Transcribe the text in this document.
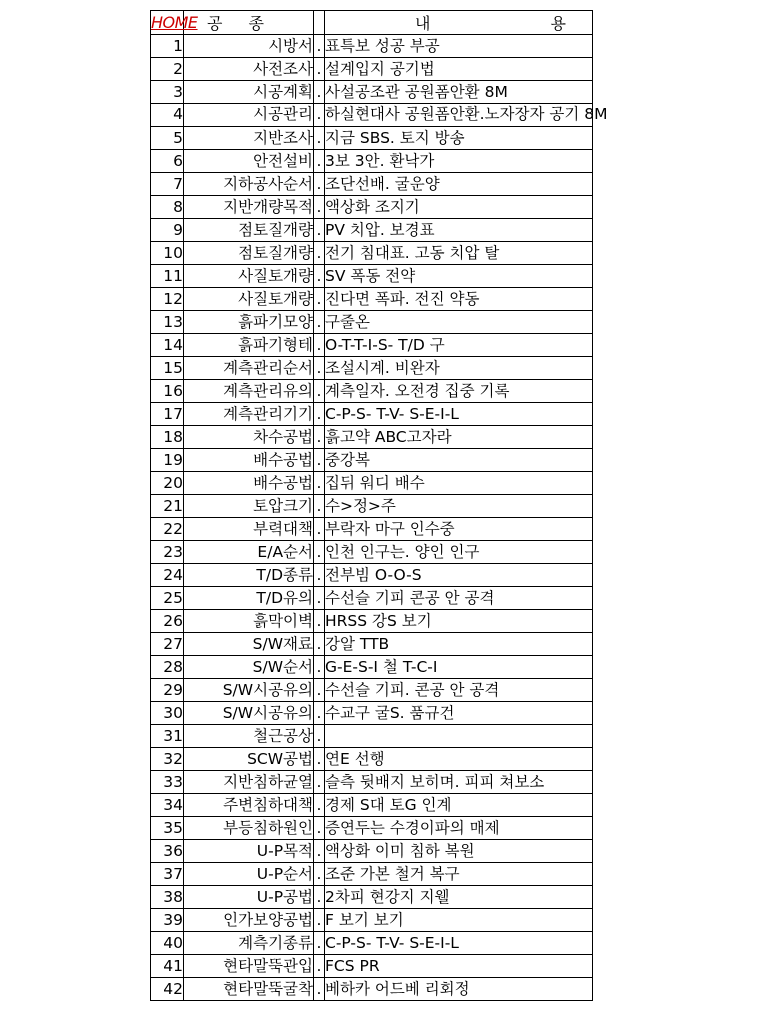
HOME	공종		내 용
1	시방서	.	표특보 성공 부공
2	사전조사	.	설계입지 공기법
3	시공계획	.	사설공조관 공원폼안환 8M
4	시공관리	.	하실현대사 공원폼안환.노자장자 공기 8M
5	지반조사	.	지금 SBS. 토지 방송
6	안전설비	.	3보 3안. 환낙가
7	지하공사순서	.	조단선배. 굴운양
8	지반개량목적	.	액상화 조지기
9	점토질개량	.	PV 치압. 보경표
10	점토질개량	.	전기 침대표. 고동 치압 탈
11	사질토개량	.	SV 폭동 전약
12	사질토개량	.	진다면 폭파. 전진 약동
13	흙파기모양	.	구줄온
14	흙파기형테	.	O-T-T-I-S- T/D 구
15	계측관리순서	.	조설시계. 비완자
16	계측관리유의	.	계측일자. 오전경 집중 기록
17	계측관리기기	.	C-P-S- T-V- S-E-I-L
18	차수공법	.	흙고약 ABC고자라
19	배수공법	.	중강복
20	배수공법	.	집뒤 워디 배수
21	토압크기	.	수>정>주
22	부력대책	.	부락자 마구 인수중
23	E/A순서	.	인천 인구는. 양인 인구
24	T/D종류	.	전부빔 O-O-S
25	T/D유의	.	수선슬 기피 콘공 안 공격
26	흙막이벽	.	HRSS 강S 보기
27	S/W재료	.	강알 TTB
28	S/W순서	.	G-E-S-I 철 T-C-I
29	S/W시공유의	.	수선슬 기피. 콘공 안 공격
30	S/W시공유의	.	수교구 굴S. 품규건
31	철근공상	.	
32	SCW공법	.	연E 선행
33	지반침하균열	.	슬측 뒷배지 보히며. 피피 쳐보소
34	주변침하대책	.	경제 S대 토G 인계
35	부등침하원인	.	증연두는 수경이파의 매제
36	U-P목적	.	액상화 이미 침하 복원
37	U-P순서	.	조준 가본 철거 복구
38	U-P공법	.	2차피 현강지 지웰
39	인가보양공법	.	F 보기 보기
40	계측기종류	.	C-P-S- T-V- S-E-I-L
41	현타말뚝관입	.	FCS PR
42	현타말뚝굴착	.	베하카 어드베 리회정
